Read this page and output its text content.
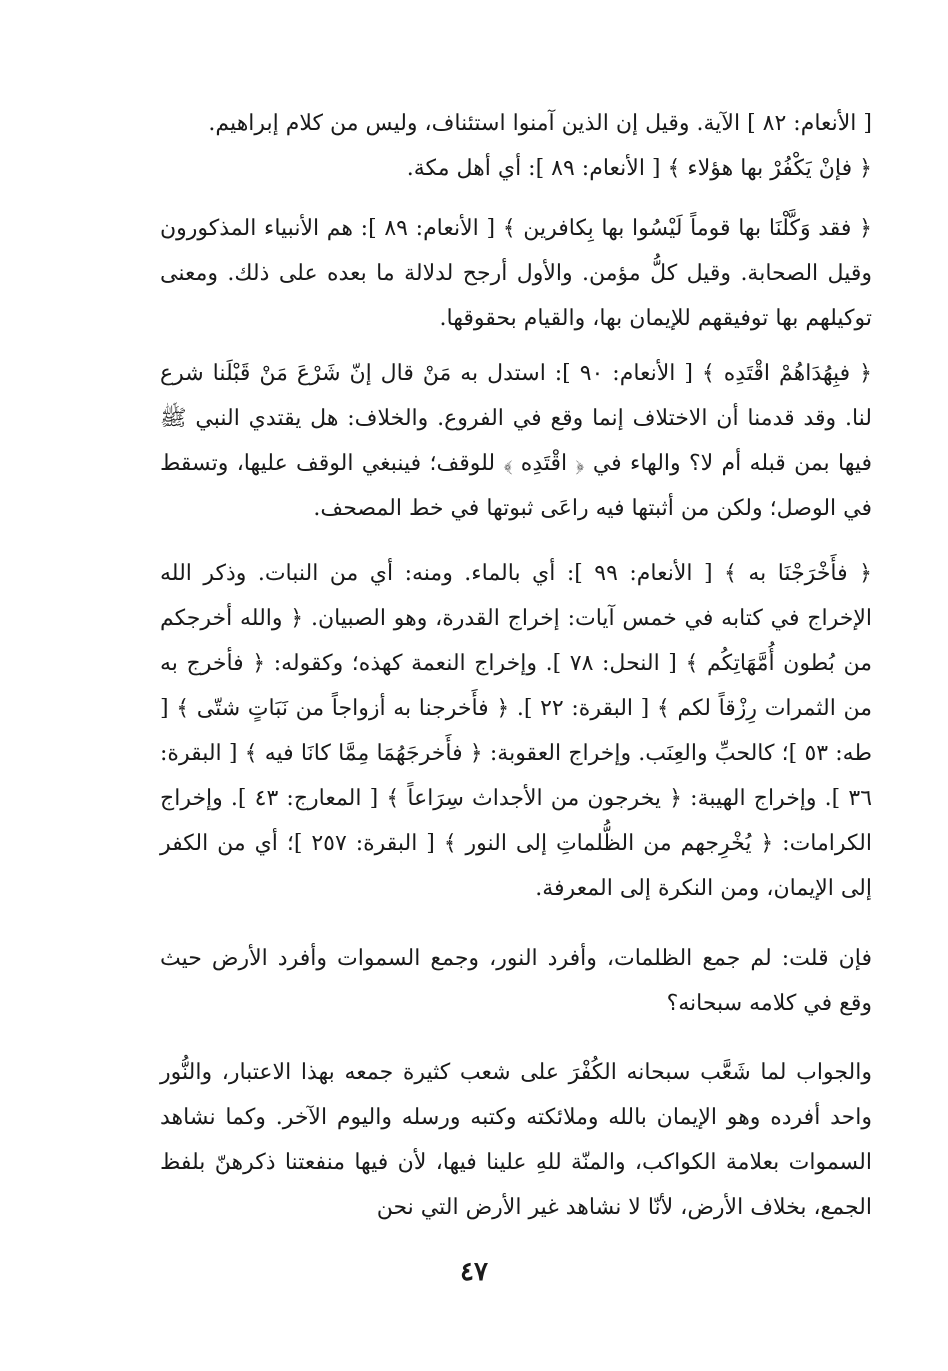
[ الأنعام: ٨٢ ] الآية. وقيل إن الذين آمنوا استئناف، وليس من كلام إبراهيم.

﴿ فإنْ يَكْفُرْ بها هؤلاء ﴾ [ الأنعام: ٨٩ ]: أي أهل مكة.

﴿ فقد وَكَّلْنَا بها قوماً لَيْسُوا بها بِكافرين ﴾ [ الأنعام: ٨٩ ]: هم الأنبياء المذكورون وقيل الصحابة. وقيل كلُّ مؤمن. والأول أرجح لدلالة ما بعده على ذلك. ومعنى توكيلهم بها توفيقهم للإيمان بها، والقيام بحقوقها.

﴿ فبِهُدَاهُمْ اقْتَدِه ﴾ [ الأنعام: ٩٠ ]: استدل به مَنْ قال إنّ شَرْعَ مَنْ قَبْلَنا شرع لنا. وقد قدمنا أن الاختلاف إنما وقع في الفروع. والخلاف: هل يقتدي النبي ﷺ فيها بمن قبله أم لا؟ والهاء في ﴿ اقْتَدِه ﴾ للوقف؛ فينبغي الوقف عليها، وتسقط في الوصل؛ ولكن من أثبتها فيه راعَى ثبوتها في خط المصحف.

﴿ فأَخْرَجْنَا به ﴾ [ الأنعام: ٩٩ ]: أي بالماء. ومنه: أي من النبات. وذكر الله الإخراج في كتابه في خمس آيات: إخراج القدرة، وهو الصبيان. ﴿ والله أخرجكم من بُطون أُمَّهَاتِكُم ﴾ [ النحل: ٧٨ ]. وإخراج النعمة كهذه؛ وكقوله: ﴿ فأخرج به من الثمرات رِزْقاً لكم ﴾ [ البقرة: ٢٢ ]. ﴿ فأَخرجنا به أزواجاً من نَبَاتٍ شتّى ﴾ [ طه: ٥٣ ]؛ كالحبِّ والعِنَب. وإخراج العقوبة: ﴿ فأَخرجَهُمَا مِمَّا كانَا فيه ﴾ [ البقرة: ٣٦ ]. وإخراج الهيبة: ﴿ يخرجون من الأجداث سِرَاعاً ﴾ [ المعارج: ٤٣ ]. وإخراج الكرامات: ﴿ يُخْرِجهم من الظُّلماتِ إلى النور ﴾ [ البقرة: ٢٥٧ ]؛ أي من الكفر إلى الإيمان، ومن النكرة إلى المعرفة.

فإن قلت: لم جمع الظلمات، وأفرد النور، وجمع السموات وأفرد الأرض حيث وقع في كلامه سبحانه؟

والجواب لما شَعَّب سبحانه الكُفْرَ على شعب كثيرة جمعه بهذا الاعتبار، والنُّور واحد أفرده وهو الإيمان بالله وملائكته وكتبه ورسله واليوم الآخر. وكما نشاهد السموات بعلامة الكواكب، والمنّة للهِ علينا فيها، لأن فيها منفعتنا ذكرهنّ بلفظ الجمع، بخلاف الأرض، لأنّا لا نشاهد غير الأرض التي نحن

٤٧
